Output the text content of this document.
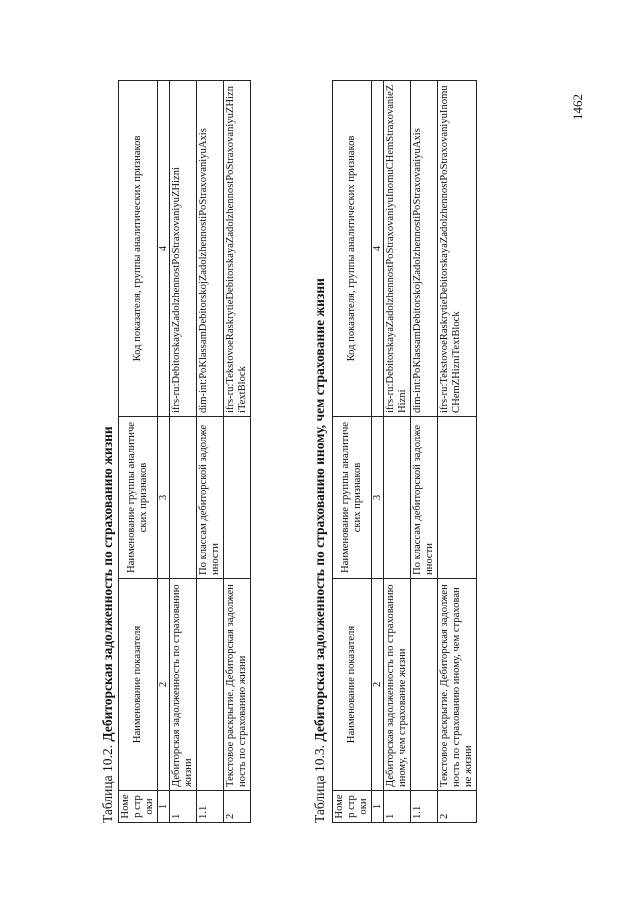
Таблица 10.2. Дебиторская задолженность по страхованию жизни
Номер строки	Наименование показателя	Наименование группы аналитических признаков	Код показателя, группы аналитических признаков
1	2	3	4
1	Дебиторская задолженность по страхованию жизни		ifrs-ru:DebitorskayaZadolzhennostPoStraxovaniyuZHizni
1.1		По классам дебиторской задолженности	dim-int:PoKlassamDebitorskojZadolzhennostiPoStraxovaniyuAxis
2	Текстовое раскрытие. Дебиторская задолженность по страхованию жизни		ifrs-ru:TekstovoeRaskrytieDebitorskayaZadolzhennostPoStraxovaniyuZHizniTextBlock
Таблица 10.3. Дебиторская задолженность по страхованию иному, чем страхование жизни
Номер строки	Наименование показателя	Наименование группы аналитических признаков	Код показателя, группы аналитических признаков
1	2	3	4
1	Дебиторская задолженность по страхованию иному, чем страхование жизни		ifrs-ru:DebitorskayaZadolzhennostPoStraxovaniyuInomuCHemStraxovanieZHizni
1.1		По классам дебиторской задолженности	dim-int:PoKlassamDebitorskojZadolzhennostiPoStraxovaniyuAxis
2	Текстовое раскрытие. Дебиторская задолженность по страхованию иному, чем страхование жизни		ifrs-ru:TekstovoeRaskrytieDebitorskayaZadolzhennostPoStraxovaniyuInomuCHemZHizniTextBlock
1462
